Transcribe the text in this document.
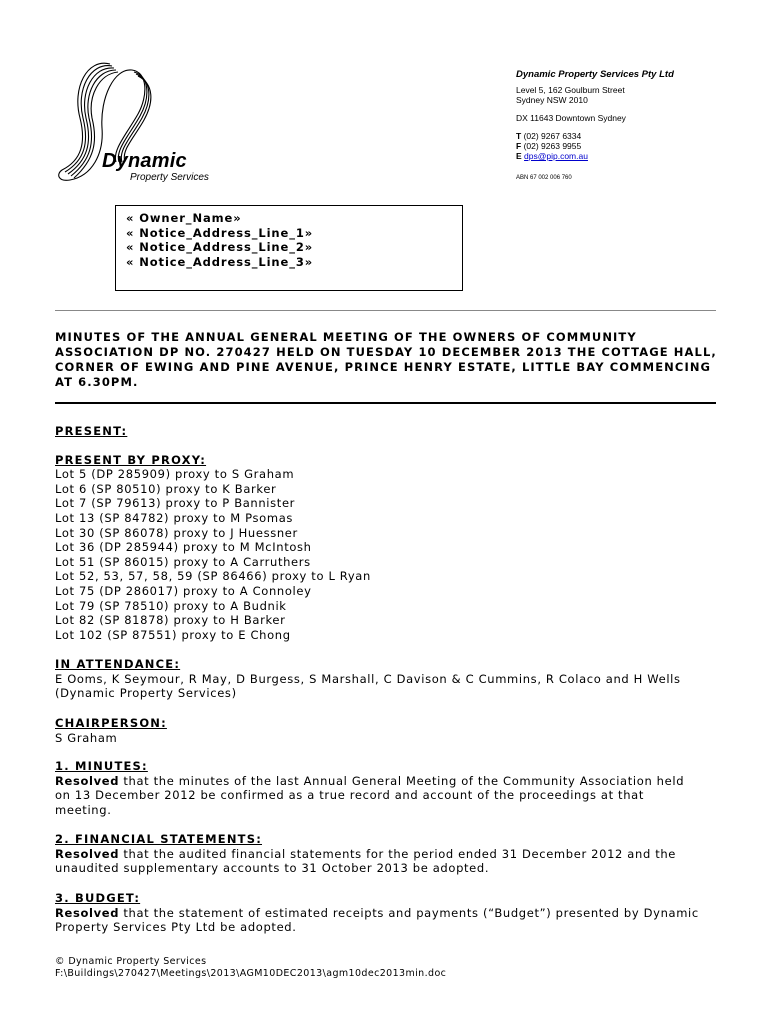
Dynamic
Property Services
Dynamic Property Services Pty Ltd
Level 5, 162 Goulburn Street
Sydney NSW 2010
DX 11643 Downtown Sydney
T (02) 9267 6334
F (02) 9263 9955
E dps@pip.com.au
ABN 67 002 006 760
« Owner_Name»
« Notice_Address_Line_1»
« Notice_Address_Line_2»
« Notice_Address_Line_3»
MINUTES OF THE ANNUAL GENERAL MEETING OF THE OWNERS OF COMMUNITY ASSOCIATION DP NO. 270427 HELD ON TUESDAY 10 DECEMBER 2013 THE COTTAGE HALL, CORNER OF EWING AND PINE AVENUE, PRINCE HENRY ESTATE, LITTLE BAY COMMENCING AT 6.30PM.
PRESENT:
PRESENT BY PROXY:
Lot 5 (DP 285909) proxy to S Graham
Lot 6 (SP 80510) proxy to K Barker
Lot 7 (SP 79613) proxy to P Bannister
Lot 13 (SP 84782) proxy to M Psomas
Lot 30 (SP 86078) proxy to J Huessner
Lot 36 (DP 285944) proxy to M McIntosh
Lot 51 (SP 86015) proxy to A Carruthers
Lot 52, 53, 57, 58, 59 (SP 86466) proxy to L Ryan
Lot 75 (DP 286017) proxy to A Connoley
Lot 79 (SP 78510) proxy to A Budnik
Lot 82 (SP 81878) proxy to H Barker
Lot 102 (SP 87551) proxy to E Chong
IN ATTENDANCE:
E Ooms, K Seymour, R May, D Burgess, S Marshall, C Davison & C Cummins, R Colaco and H Wells
(Dynamic Property Services)
CHAIRPERSON:
S Graham
1. MINUTES:
Resolved that the minutes of the last Annual General Meeting of the Community Association held
on 13 December 2012 be confirmed as a true record and account of the proceedings at that
meeting.
2. FINANCIAL STATEMENTS:
Resolved that the audited financial statements for the period ended 31 December 2012 and the
unaudited supplementary accounts to 31 October 2013 be adopted.
3. BUDGET:
Resolved that the statement of estimated receipts and payments (“Budget”) presented by Dynamic
Property Services Pty Ltd be adopted.
© Dynamic Property Services
F:\Buildings\270427\Meetings\2013\AGM10DEC2013\agm10dec2013min.doc
